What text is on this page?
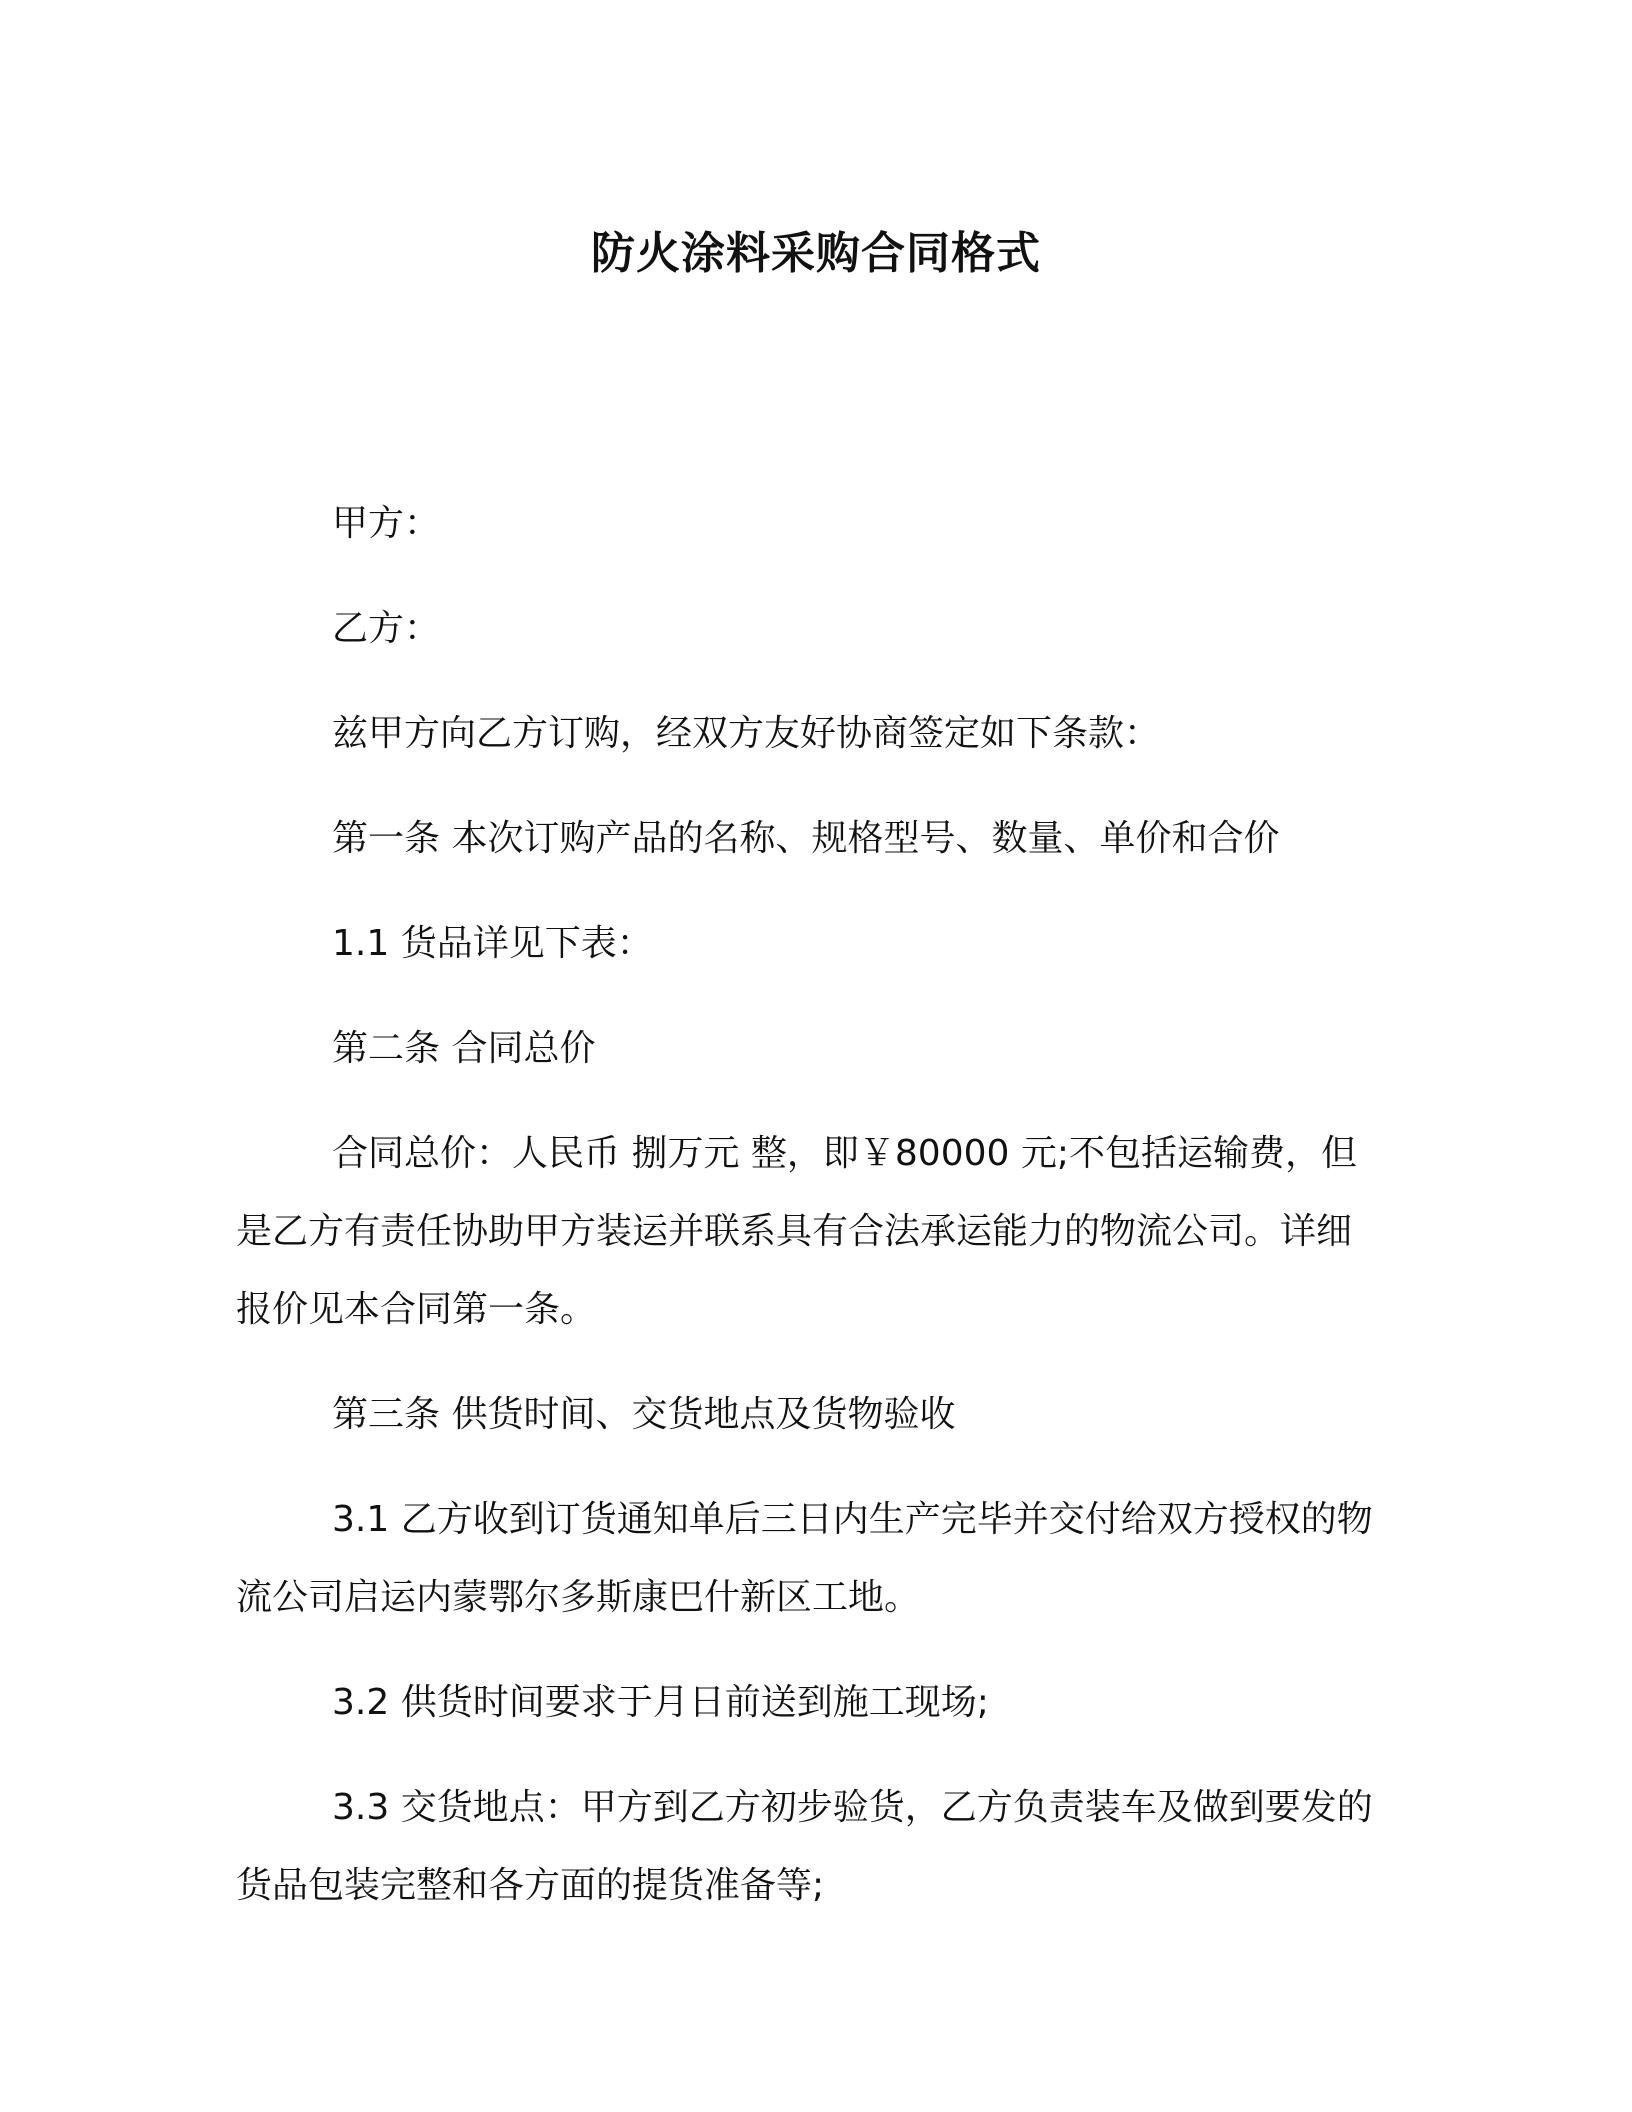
防火涂料采购合同格式

甲方：

乙方：

兹甲方向乙方订购，经双方友好协商签定如下条款：

第一条 本次订购产品的名称、规格型号、数量、单价和合价

1.1 货品详见下表：

第二条 合同总价

合同总价：人民币 捌万元 整，即￥80000 元;不包括运输费，但是乙方有责任协助甲方装运并联系具有合法承运能力的物流公司。详细报价见本合同第一条。

第三条 供货时间、交货地点及货物验收

3.1 乙方收到订货通知单后三日内生产完毕并交付给双方授权的物流公司启运内蒙鄂尔多斯康巴什新区工地。

3.2 供货时间要求于月日前送到施工现场;

3.3 交货地点：甲方到乙方初步验货，乙方负责装车及做到要发的货品包装完整和各方面的提货准备等;
